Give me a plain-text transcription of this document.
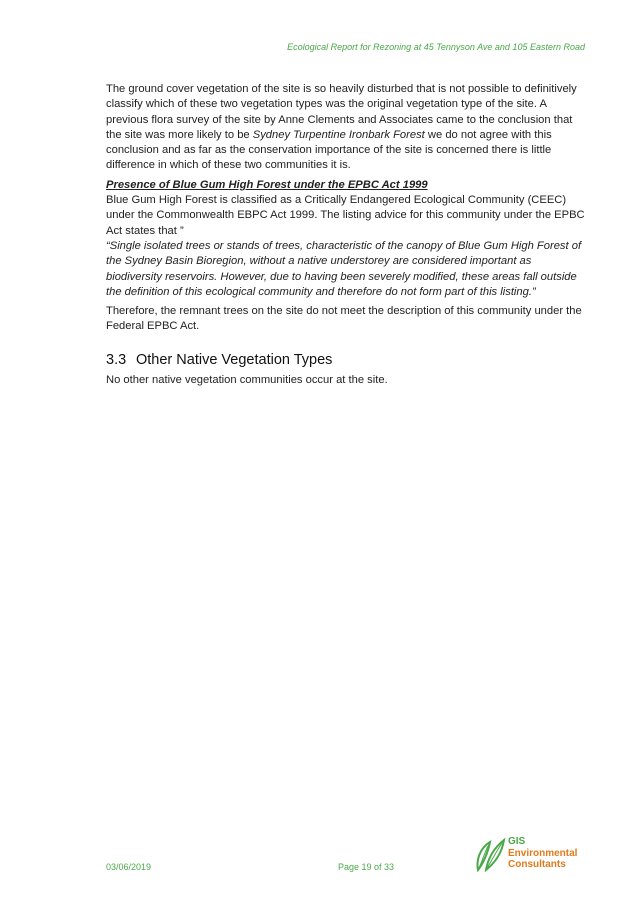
Ecological Report for Rezoning at 45 Tennyson Ave and 105 Eastern Road

The ground cover vegetation of the site is so heavily disturbed that is not possible to definitively classify which of these two vegetation types was the original vegetation type of the site. A previous flora survey of the site by Anne Clements and Associates came to the conclusion that the site was more likely to be Sydney Turpentine Ironbark Forest we do not agree with this conclusion and as far as the conservation importance of the site is concerned there is little difference in which of these two communities it is.

Presence of Blue Gum High Forest under the EPBC Act 1999

Blue Gum High Forest is classified as a Critically Endangered Ecological Community (CEEC) under the Commonwealth EBPC Act 1999. The listing advice for this community under the EPBC Act states that ”

“Single isolated trees or stands of trees, characteristic of the canopy of Blue Gum High Forest of the Sydney Basin Bioregion, without a native understorey are considered important as biodiversity reservoirs. However, due to having been severely modified, these areas fall outside the definition of this ecological community and therefore do not form part of this listing.”

Therefore, the remnant trees on the site do not meet the description of this community under the Federal EPBC Act.

3.3 Other Native Vegetation Types

No other native vegetation communities occur at the site.

03/06/2019	Page 19 of 33
GIS
Environmental
Consultants
